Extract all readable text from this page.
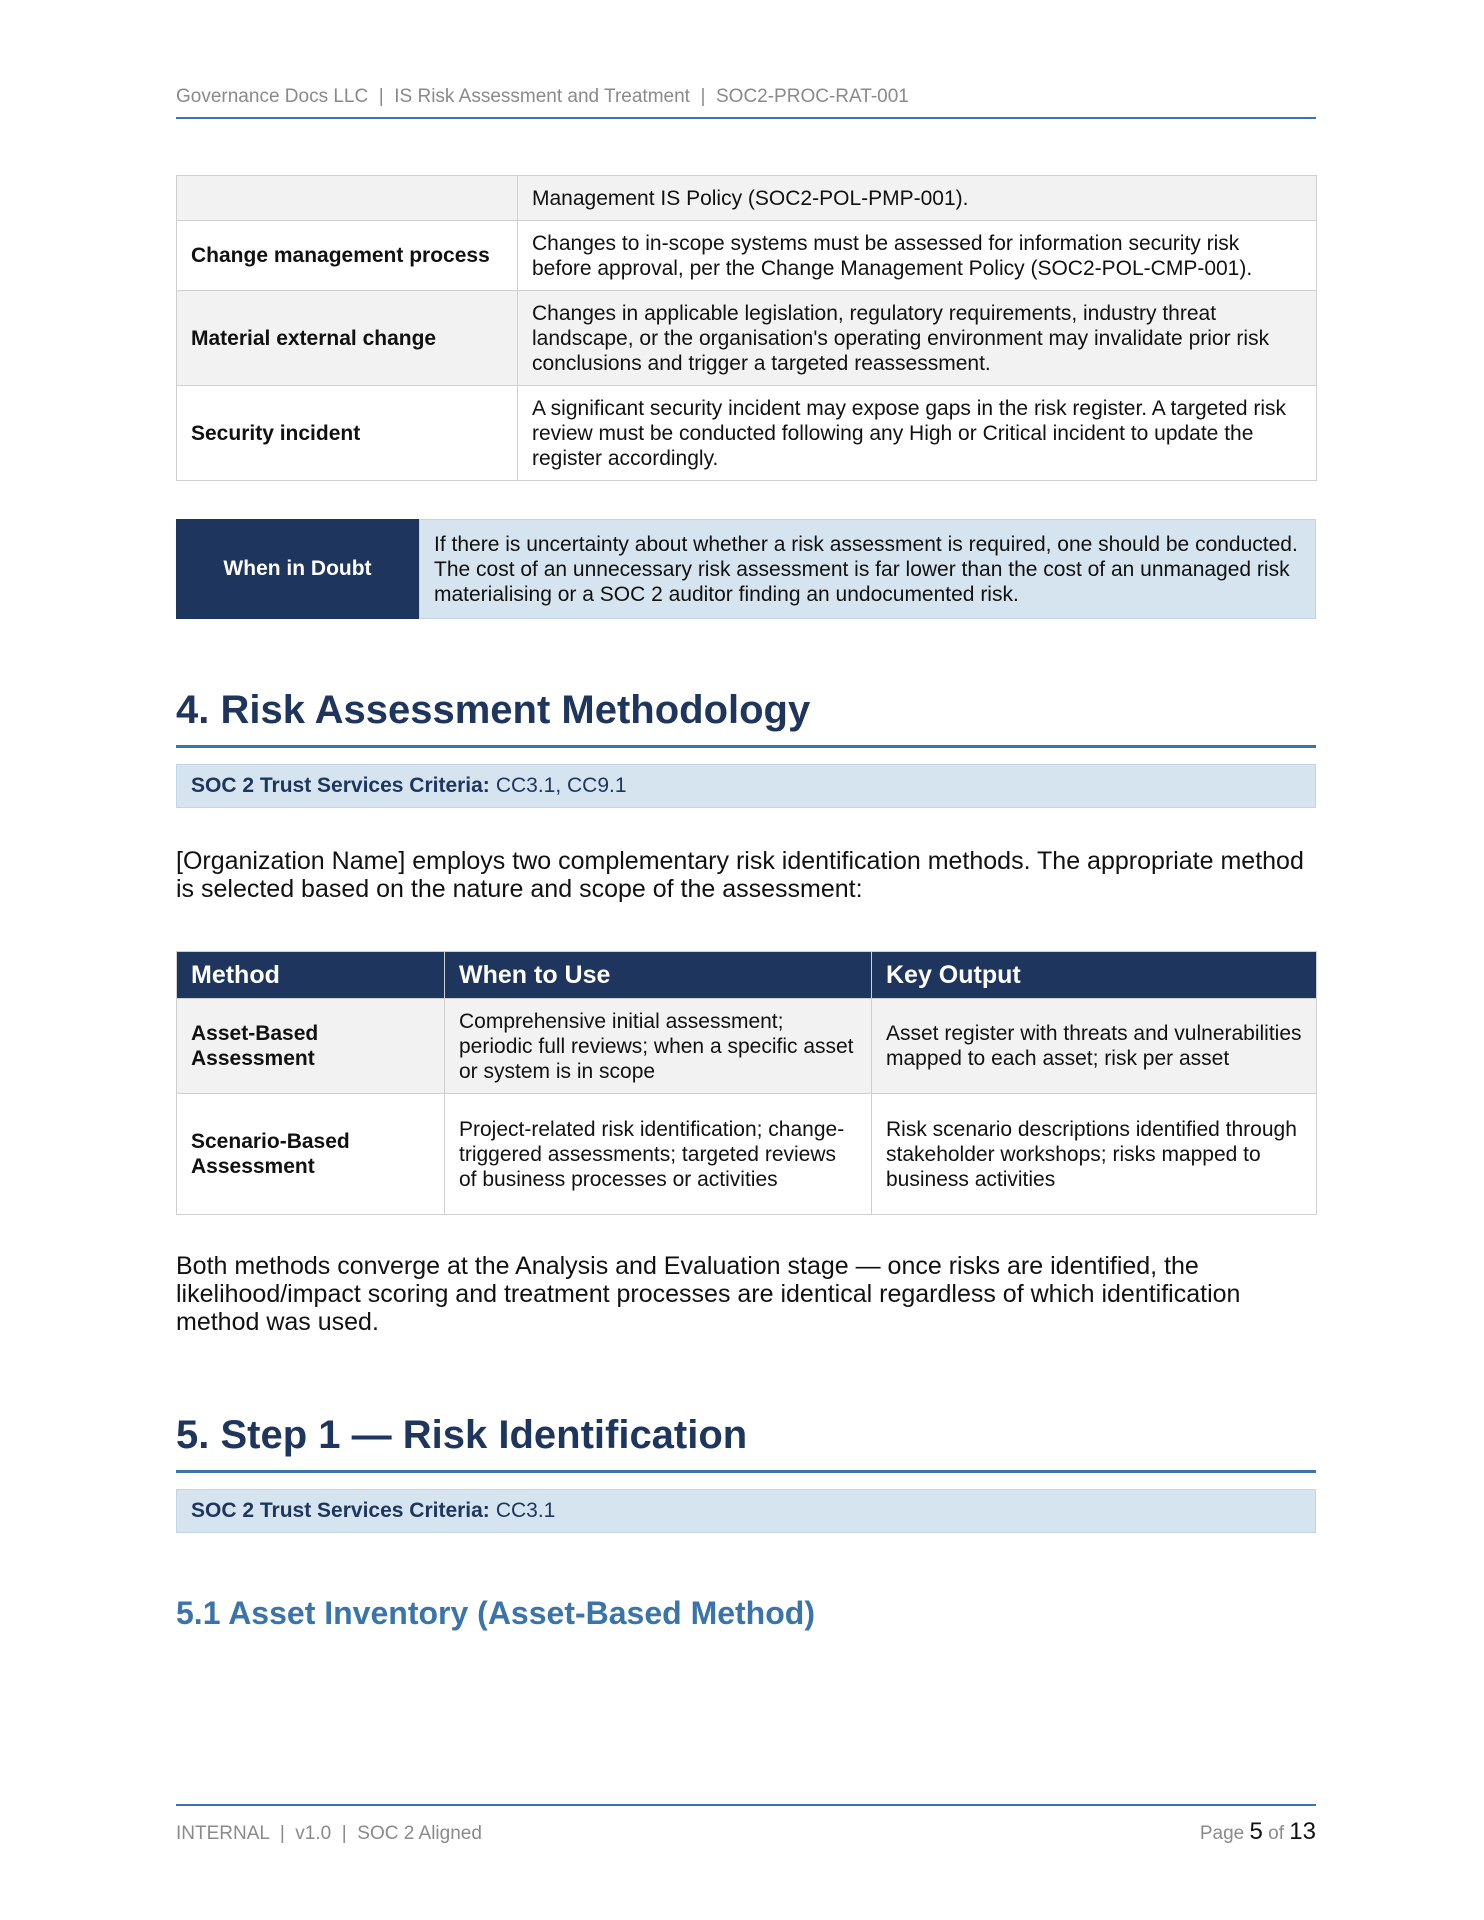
Governance Docs LLC  |  IS Risk Assessment and Treatment  |  SOC2-PROC-RAT-001
	Management IS Policy (SOC2-POL-PMP-001).
Change management process	Changes to in-scope systems must be assessed for information security risk before approval, per the Change Management Policy (SOC2-POL-CMP-001).
Material external change	Changes in applicable legislation, regulatory requirements, industry threat landscape, or the organisation's operating environment may invalidate prior risk conclusions and trigger a targeted reassessment.
Security incident	A significant security incident may expose gaps in the risk register. A targeted risk review must be conducted following any High or Critical incident to update the register accordingly.
When in Doubt
If there is uncertainty about whether a risk assessment is required, one should be conducted. The cost of an unnecessary risk assessment is far lower than the cost of an unmanaged risk materialising or a SOC 2 auditor finding an undocumented risk.
4. Risk Assessment Methodology
SOC 2 Trust Services Criteria: CC3.1, CC9.1

[Organization Name] employs two complementary risk identification methods. The appropriate method is selected based on the nature and scope of the assessment:

Method	When to Use	Key Output
Asset-Based Assessment	Comprehensive initial assessment; periodic full reviews; when a specific asset or system is in scope	Asset register with threats and vulnerabilities mapped to each asset; risk per asset
Scenario-Based Assessment	Project-related risk identification; change-triggered assessments; targeted reviews of business processes or activities	Risk scenario descriptions identified through stakeholder workshops; risks mapped to business activities

Both methods converge at the Analysis and Evaluation stage — once risks are identified, the likelihood/impact scoring and treatment processes are identical regardless of which identification method was used.

5. Step 1 — Risk Identification
SOC 2 Trust Services Criteria: CC3.1
5.1 Asset Inventory (Asset-Based Method)
INTERNAL  |  v1.0  |  SOC 2 Aligned	Page 5 of 13
